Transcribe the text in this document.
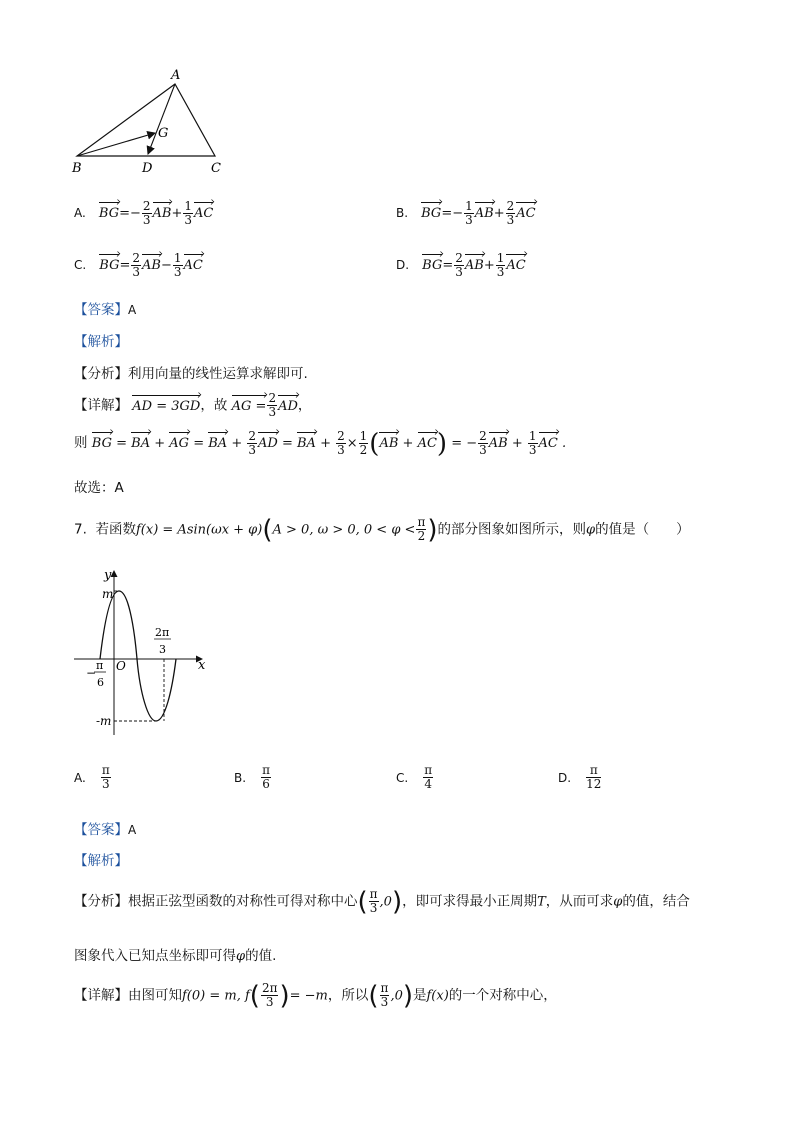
A
G
B	D	C
A. $BG=- \frac{2}{3} AB+ \frac{1}{3}$ AC	B. $BG=- \frac{1}{3} AB+ \frac{2}{3}$ AC
C. $BG= \frac{2}{3} AB- \frac{1}{3}$ AC	D. $BG= \frac{2}{3} AB+ \frac{1}{3}$ AC
【答案】A
【解析】
【分析】利用向量的线性运算求解即可.
【详解】 AD = 3GD，故 AG = $\frac{2}{3}$ AD，
则 BG = BA + AG = BA + $\frac{2}{3}$ AD = BA + $\frac{2}{3} \times \frac{1}{2} (AB + AC)$ = − $\frac{2}{3}$ AB + $\frac{1}{3}$ AC .
故选：A
7. 若函数f(x) = Asin(ωx + φ)(A > 0, ω > 0, $0 < \varphi < \frac{\pi}{2}$ )的部分图象如图所示，则φ的值是（　　）
y
x
O
m
-m
−
π
6
2π
3
A. $\frac{\pi}{3}$	B. $\frac{\pi}{6}$	C. $\frac{\pi}{4}$	D. $\frac{\pi}{12}$
【答案】A
【解析】
【分析】根据正弦型函数的对称性可得对称中心( $\frac{\pi}{3} ,0$)，即可求得最小正周期T，从而可求φ的值，结合
图象代入已知点坐标即可得φ的值.
【详解】由图可知f(0) = m, $f( \frac{2\pi}{3}$ )= −m，所以( $\frac{\pi}{3} ,0$)是f(x)的一个对称中心，
